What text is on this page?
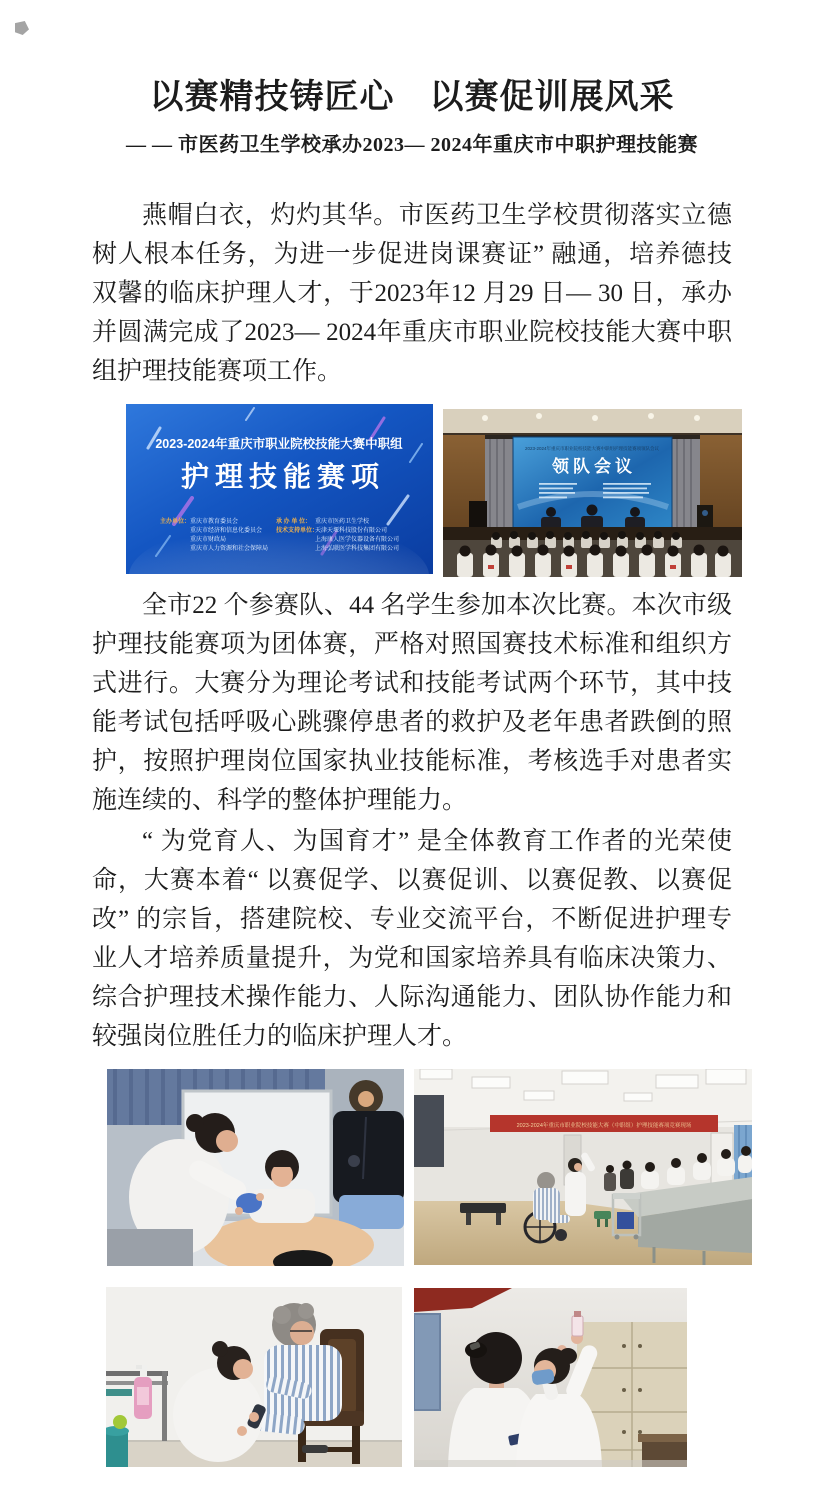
以赛精技铸匠心　以赛促训展风采
— — 市医药卫生学校承办2023— 2024年重庆市中职护理技能赛
燕帽白衣，灼灼其华。市医药卫生学校贯彻落实立德树人根本任务，为进一步促进岗课赛证” 融通，培养德技双馨的临床护理人才，于2023年12 月29 日— 30 日，承办并圆满完成了2023— 2024年重庆市职业院校技能大赛中职组护理技能赛项工作。
全市22 个参赛队、44 名学生参加本次比赛。本次市级护理技能赛项为团体赛，严格对照国赛技术标准和组织方式进行。大赛分为理论考试和技能考试两个环节，其中技能考试包括呼吸心跳骤停患者的救护及老年患者跌倒的照护，按照护理岗位国家执业技能标准，考核选手对患者实施连续的、科学的整体护理能力。
“ 为党育人、为国育才” 是全体教育工作者的光荣使命，大赛本着“ 以赛促学、以赛促训、以赛促教、以赛促改” 的宗旨，搭建院校、专业交流平台，不断促进护理专业人才培养质量提升，为党和国家培养具有临床决策力、综合护理技术操作能力、人际沟通能力、团队协作能力和较强岗位胜任力的临床护理人才。
2023-2024年重庆市职业院校技能大赛中职组
护理技能赛项
主办单位： 重庆市教育委员会
重庆市经济和信息化委员会
重庆市财政局
重庆市人力资源和社会保障局
承 办 单 位： 重庆市医药卫生学校
技术支持单位：
天津天堰科技股份有限公司
上海康人医学仪器设备有限公司
上海弘联医学科技集团有限公司
2023-2024年重庆市职业院校技能大赛中职组护理技能赛项领队会议
领队会议
2023-2024年重庆市职业院校技能大赛（中职组）护理技能赛项竞赛现场
